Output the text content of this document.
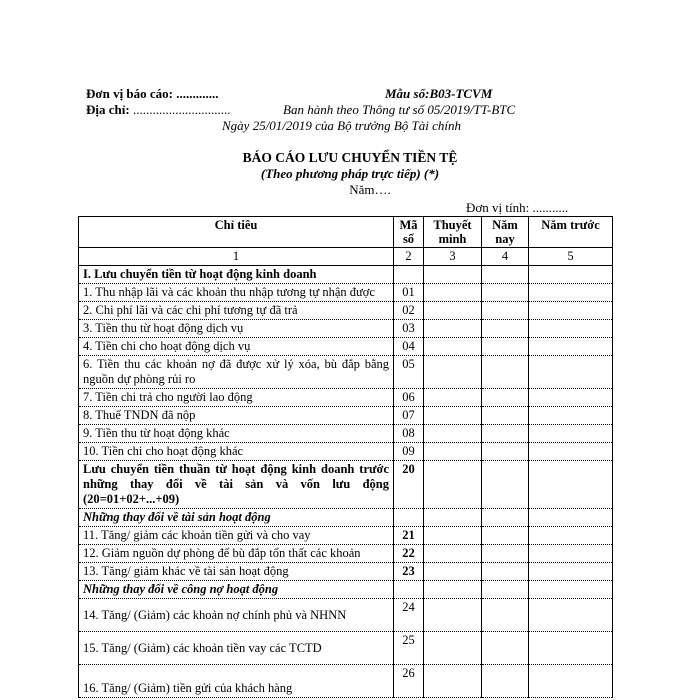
Đơn vị báo cáo: .............
Địa chỉ: ..............................
Mẫu số:B03-TCVM
Ban hành theo Thông tư số 05/2019/TT-BTC
Ngày 25/01/2019 của Bộ trưởng Bộ Tài chính
BÁO CÁO LƯU CHUYỂN TIỀN TỆ
(Theo phương pháp trực tiếp) (*)
Năm….
Đơn vị tính: ...........
Chỉ tiêu	Mã số	Thuyết minh	Năm nay	Năm trước
1	2	3	4	5
I. Lưu chuyển tiền từ hoạt động kinh doanh				
1. Thu nhập lãi và các khoản thu nhập tương tự nhận được	01			
2. Chi phí lãi và các chi phí tương tự đã trả	02			
3. Tiền thu từ hoạt động dịch vụ	03			
4. Tiền chi cho hoạt động dịch vụ	04			
6. Tiền thu các khoản nợ đã được xử lý xóa, bù đắp bằng nguồn dự phòng rủi ro	05			
7. Tiền chi trả cho người lao động	06			
8. Thuế TNDN đã nộp	07			
9. Tiền thu từ hoạt động khác	08			
10. Tiền chi cho hoạt động khác	09			
Lưu chuyển tiền thuần từ hoạt động kinh doanh trước những thay đổi về tài sản và vốn lưu động (20=01+02+...+09)	20			
Những thay đổi về tài sản hoạt động				
11. Tăng/ giảm các khoản tiền gửi và cho vay	21			
12. Giảm nguồn dự phòng để bù đắp tổn thất các khoản	22			
13. Tăng/ giảm khác về tài sản hoạt động	23			
Những thay đổi về công nợ hoạt động				
14. Tăng/ (Giảm) các khoản nợ chính phủ và NHNN	24			
15. Tăng/ (Giảm) các khoản tiền vay các TCTD	25			
16. Tăng/ (Giảm) tiền gửi của khách hàng	26			
